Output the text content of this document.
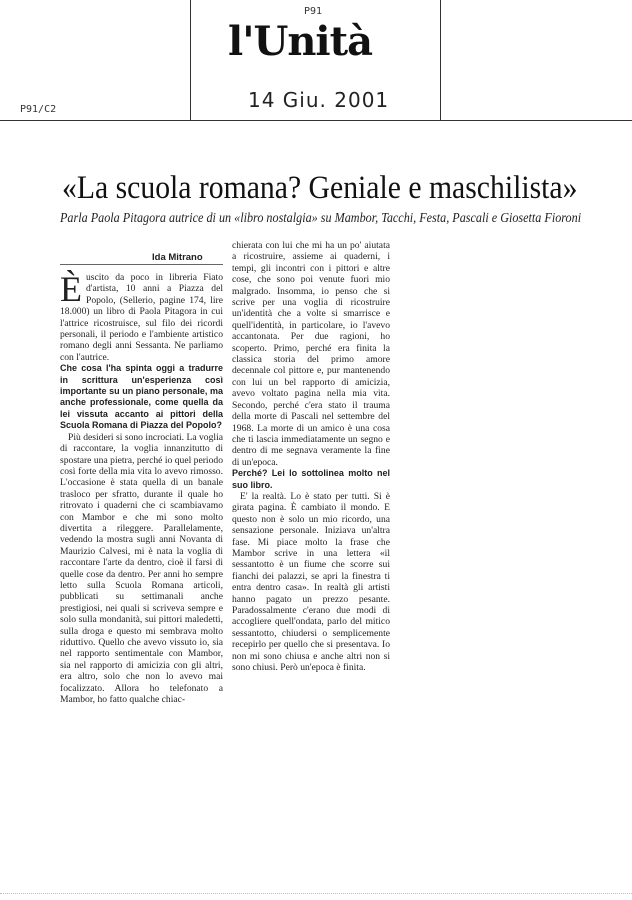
P91
P91/C2
l'Unità
14 Giu. 2001
«La scuola romana? Geniale e maschilista»
Parla Paola Pitagora autrice di un «libro nostalgia» su Mambor, Tacchi, Festa, Pascali e Giosetta Fioroni
Ida Mitrano

Èuscito da poco in libreria Fiato d'artista, 10 anni a Piazza del Popolo, (Sellerio, pagine 174, lire 18.000) un libro di Paola Pitagora in cui l'attrice ricostruisce, sul filo dei ricordi personali, il periodo e l'ambiente artistico romano degli anni Sessanta. Ne parliamo con l'autrice.

Che cosa l'ha spinta oggi a tradurre in scrittura un'esperienza così importante su un piano personale, ma anche professionale, come quella da lei vissuta accanto ai pittori della Scuola Romana di Piazza del Popolo?

Più desideri si sono incrociati. La voglia di raccontare, la voglia innanzitutto di spostare una pietra, perché io quel periodo così forte della mia vita lo avevo rimosso. L'occasione è stata quella di un banale trasloco per sfratto, durante il quale ho ritrovato i quaderni che ci scambiavamo con Mambor e che mi sono molto divertita a rileggere. Parallelamente, vedendo la mostra sugli anni Novanta di Maurizio Calvesi, mi è nata la voglia di raccontare l'arte da dentro, cioè il farsi di quelle cose da dentro. Per anni ho sempre letto sulla Scuola Romana articoli, pubblicati su settimanali anche prestigiosi, nei quali si scriveva sempre e solo sulla mondanità, sui pittori maledetti, sulla droga e questo mi sembrava molto riduttivo. Quello che avevo vissuto io, sia nel rapporto sentimentale con Mambor, sia nel rapporto di amicizia con gli altri, era altro, solo che non lo avevo mai focalizzato. Allora ho telefonato a Mambor, ho fatto qualche chiac-

chierata con lui che mi ha un po' aiutata a ricostruire, assieme ai quaderni, i tempi, gli incontri con i pittori e altre cose, che sono poi venute fuori mio malgrado. Insomma, io penso che si scrive per una voglia di ricostruire un'identità che a volte si smarrisce e quell'identità, in particolare, io l'avevo accantonata. Per due ragioni, ho scoperto. Primo, perché era finita la classica storia del primo amore decennale col pittore e, pur mantenendo con lui un bel rapporto di amicizia, avevo voltato pagina nella mia vita. Secondo, perché c'era stato il trauma della morte di Pascali nel settembre del 1968. La morte di un amico è una cosa che ti lascia immediatamente un segno e dentro di me segnava veramente la fine di un'epoca.

Perché? Lei lo sottolinea molto nel suo libro.

E' la realtà. Lo è stato per tutti. Si è girata pagina. È cambiato il mondo. E questo non è solo un mio ricordo, una sensazione personale. Iniziava un'altra fase. Mi piace molto la frase che Mambor scrive in una lettera «il sessantotto è un fiume che scorre sui fianchi dei palazzi, se apri la finestra ti entra dentro casa». In realtà gli artisti hanno pagato un prezzo pesante. Paradossalmente c'erano due modi di accogliere quell'ondata, parlo del mitico sessantotto, chiudersi o semplicemente recepirlo per quello che si presentava. Io non mi sono chiusa e anche altri non si sono chiusi. Però un'epoca è finita.
